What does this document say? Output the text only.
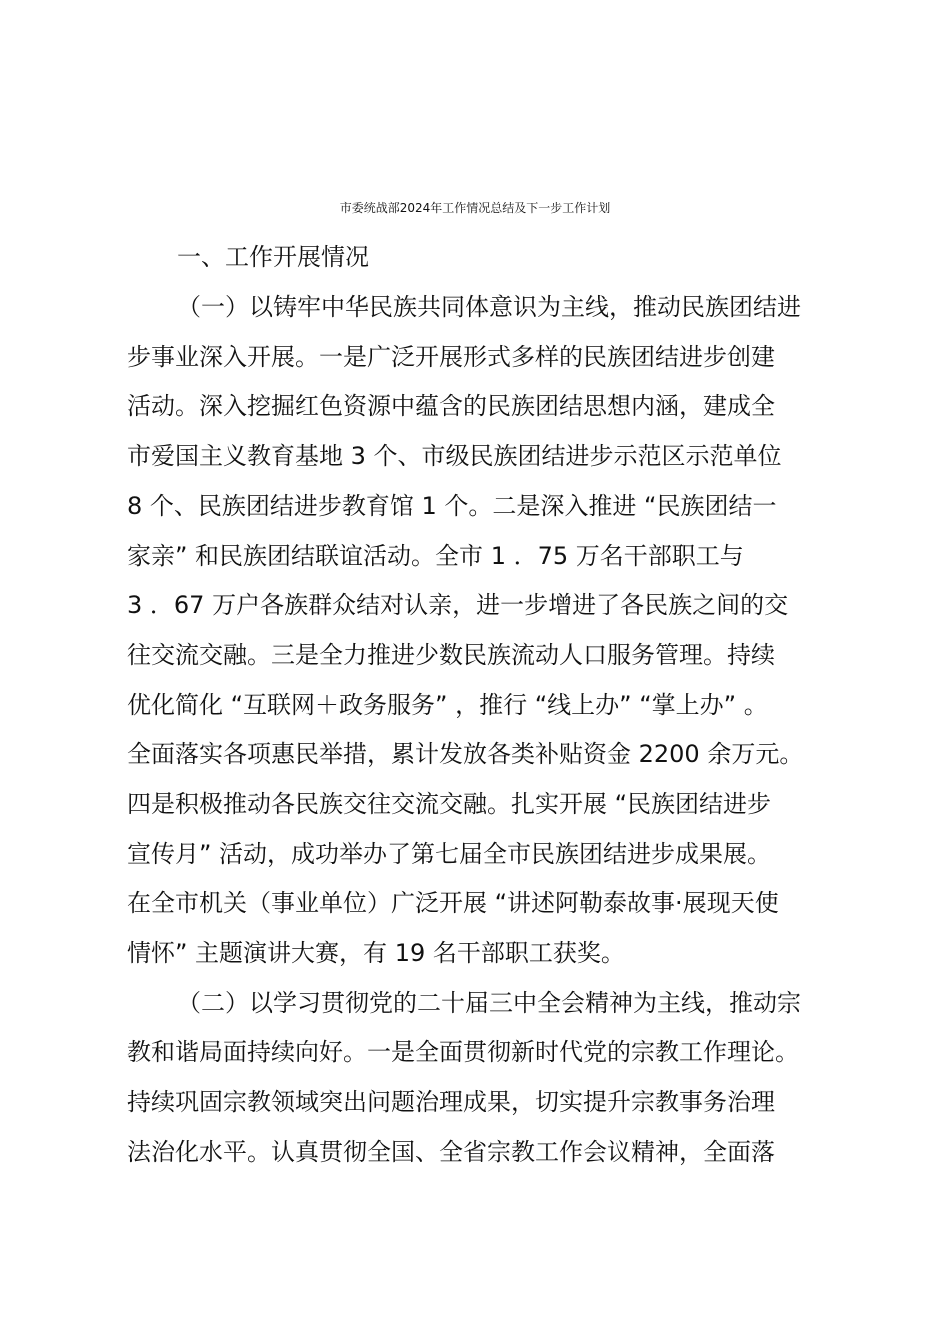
市委统战部2024年工作情况总结及下一步工作计划
一、工作开展情况
（一）以铸牢中华民族共同体意识为主线，推动民族团结进
步事业深入开展。一是广泛开展形式多样的民族团结进步创建
活动。深入挖掘红色资源中蕴含的民族团结思想内涵，建成全
市爱国主义教育基地 3 个、市级民族团结进步示范区示范单位
8 个、民族团结进步教育馆 1 个。二是深入推进 “民族团结一
家亲” 和民族团结联谊活动。全市 1 ．75 万名干部职工与
3 ．67 万户各族群众结对认亲，进一步增进了各民族之间的交
往交流交融。三是全力推进少数民族流动人口服务管理。持续
优化简化 “互联网＋政务服务” ，推行 “线上办” “掌上办” 。
全面落实各项惠民举措，累计发放各类补贴资金 2200 余万元。
四是积极推动各民族交往交流交融。扎实开展 “民族团结进步
宣传月” 活动，成功举办了第七届全市民族团结进步成果展。
在全市机关（事业单位）广泛开展 “讲述阿勒泰故事·展现天使
情怀” 主题演讲大赛，有 19 名干部职工获奖。
（二）以学习贯彻党的二十届三中全会精神为主线，推动宗
教和谐局面持续向好。一是全面贯彻新时代党的宗教工作理论。
持续巩固宗教领域突出问题治理成果，切实提升宗教事务治理
法治化水平。认真贯彻全国、全省宗教工作会议精神，全面落
